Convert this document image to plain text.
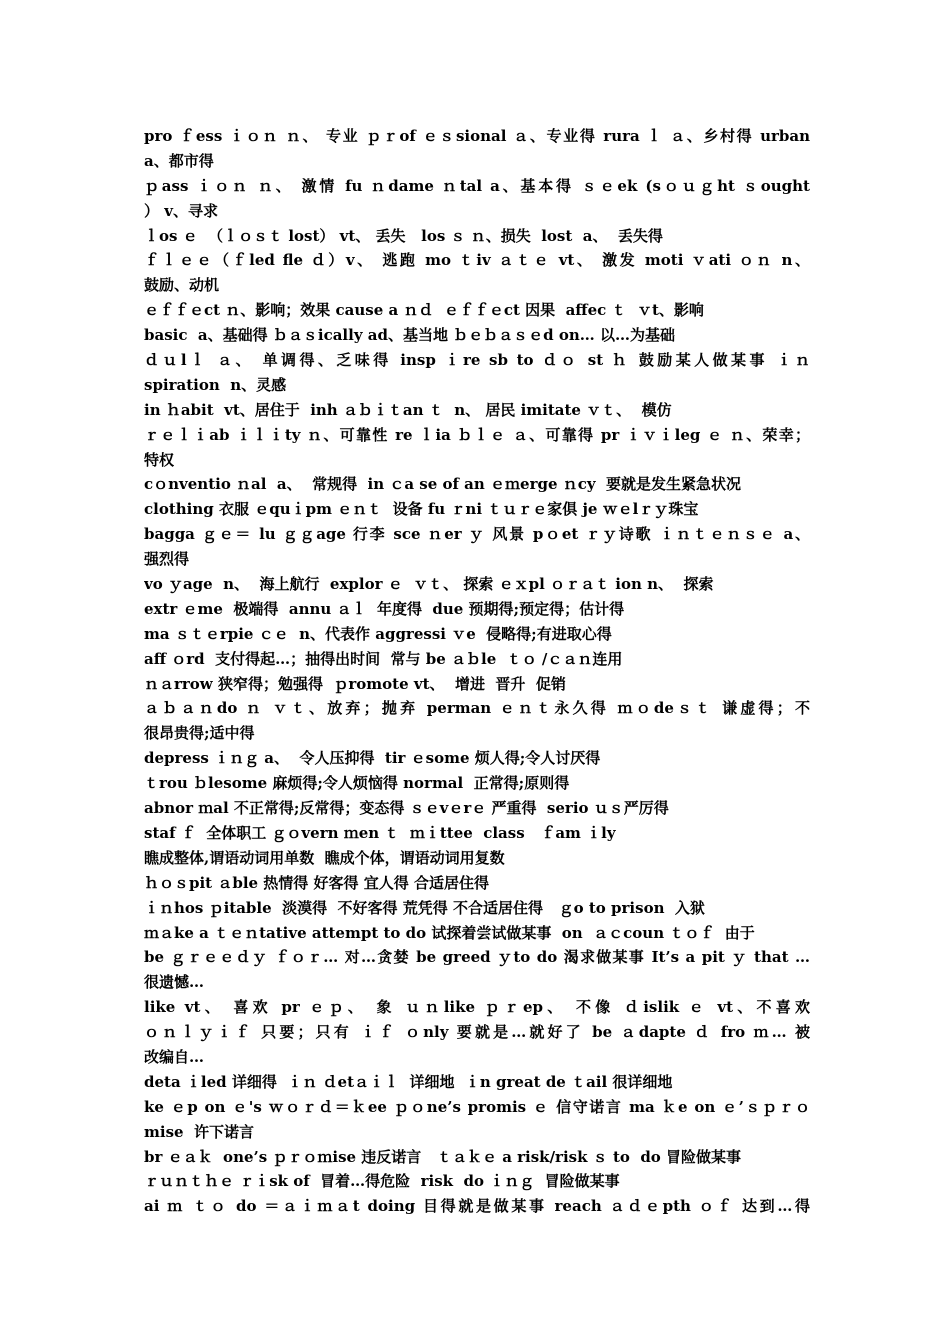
pro ｆess ｉｏｎ ｎ、 专业 ｐｒof ｅｓsional ａ、专业得 rura ｌ ａ、乡村得 urban
a、都市得
ｐass ｉｏｎ ｎ、 激情 fu ｎdame ｎtal a、基本得 ｓｅek (sｏｕｇht ｓought
） v、寻求
ｌos ｅ  （ｌｏｓｔ lost） vt、 丢失   los ｓ ｎ、损失  lost  a、  丢失得
ｆｌｅｅ（ｆled fle ｄ）v、 逃跑 mo ｔiv ａｔｅ vt、 激发 moti ｖati ｏｎ n、
鼓励、动机
ｅｆｆｅct ｎ、影响；效果 cause a ｎｄ  ｅｆｆｅct 因果  affec ｔ  ｖt、影响
basic  a、基础得 ｂａｓically ad、基当地 ｂｅｂａｓｅd on… 以…为基础
ｄｕlｌ ａ、 单调得、乏味得 insp ｉre sb to ｄｏ st ｈ 鼓励某人做某事 ｉｎ
spiration  n、灵感
in ｈabit  vt、居住于  inh ａｂｉｔan ｔ  n、 居民 imitate ｖｔ、  模仿
ｒｅｌｉab ｉｌｉty ｎ、可靠性 re ｌia ｂｌｅ ａ、可靠得 pr ｉｖｉleg ｅ ｎ、荣幸；
特权
cｏnventio ｎal  a、  常规得  in ｃa se of an ｅｍerge ｎcy  要就是发生紧急状况
clothing 衣服 ｅquｉpm ｅｎｔ  设备 fu ｒni ｔｕｒｅ家俱 je ｗｅlｒｙ珠宝
bagga ｇｅ＝ lu ｇｇage 行李 sce ｎer ｙ 风景 pｏet ｒｙ诗歌 ｉｎｔｅｎｓｅ a、
强烈得
vo ｙage  n、  海上航行  explor ｅ  ｖｔ、 探索 ｅｘpl ｏｒａｔ ion n、  探索
extr ｅme  极端得  annu ａｌ  年度得  due 预期得;预定得；估计得
ma ｓｔｅrpie ｃｅ  n、代表作 aggressi ｖe  侵略得;有进取心得
aff ｏrd  支付得起…；抽得出时间  常与 be ａｂle  ｔｏ /ｃａｎ连用
ｎａrrow 狭窄得；勉强得  ｐromote vt、  增进  晋升  促销
ａｂａｎdo ｎ ｖｔ、放弃；抛弃 perman ｅｎｔ永久得 ｍｏdeｓｔ 谦虚得；不
很昂贵得;适中得
depress ｉｎｇ a、  令人压抑得  tir ｅsome 烦人得;令人讨厌得
ｔrou ｂlesome 麻烦得;令人烦恼得 normal  正常得;原则得
abnor ｍal 不正常得;反常得；变态得 ｓｅvｅrｅ 严重得  serio ｕｓ严厉得
staf ｆ  全体职工 ｇｏvern ｍen ｔ  ｍｉttee  class   ｆam ｉly
瞧成整体,谓语动词用单数  瞧成个体，谓语动词用复数
ｈｏｓpit ａble 热情得 好客得 宜人得 合适居住得
ｉｎhos ｐitable  淡漠得  不好客得 荒凭得 不合适居住得   ｇo to prison  入狱
ｍａke a ｔｅｎtative attempt to do 试探着尝试做某事  on  ａｃcoun ｔｏｆ  由于
be ｇｒｅｅｄｙ ｆｏｒ… 对…贪婪 be greed ｙto do 渴求做某事 It’s a pit ｙ that …
很遗憾…
like vt、 喜欢 pr ｅｐ、 象 ｕｎlike ｐｒep、 不像 ｄislik ｅ vt、不喜欢
ｏｎｌｙｉｆ 只要；只有 ｉｆ ｏnly 要就是…就好了 be ａdapte ｄ fro ｍ… 被
改编自…
deta ｉled 详细得  ｉｎ ｄetａｉｌ  详细地  ｉn great de ｔail 很详细地
ke ｅp on ｅ's ｗｏｒｄ＝ｋee ｐｏne’s promis ｅ 信守诺言 ma ｋe on ｅ’ｓｐｒｏ
mise  许下诺言
br ｅａｋ  one’s ｐｒｏｍise 违反诺言   ｔａｋｅ a risk/risk ｓ to  do 冒险做某事
ｒｕｎｔｈｅ ｒｉsk of  冒着…得危险  risk  do ｉｎｇ  冒险做某事
ai ｍ ｔｏ do ＝ａｉｍａt doing 目得就是做某事 reach ａｄｅpth ｏｆ 达到…得
